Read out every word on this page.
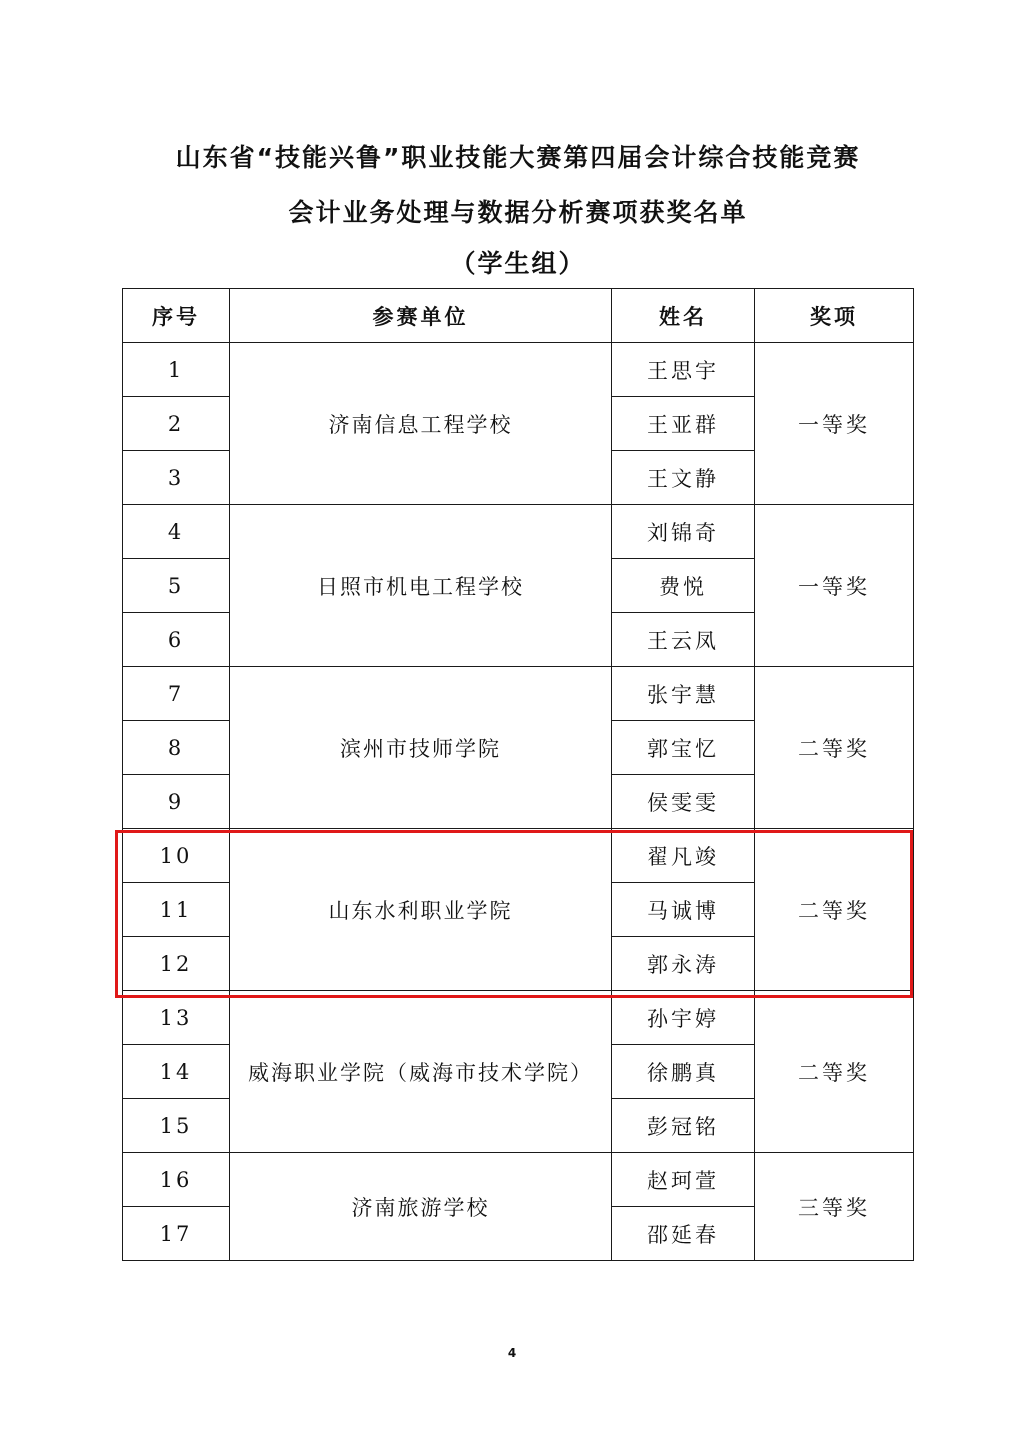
山东省“技能兴鲁”职业技能大赛第四届会计综合技能竞赛
会计业务处理与数据分析赛项获奖名单
（学生组）
序号	参赛单位	姓名	奖项
1	济南信息工程学校	王思宇	一等奖
2		王亚群	
3		王文静	
4	日照市机电工程学校	刘锦奇	一等奖
5		费悦	
6		王云凤	
7	滨州市技师学院	张宇慧	二等奖
8		郭宝忆	
9		侯雯雯	
10	山东水利职业学院	翟凡竣	二等奖
11		马诚博	
12		郭永涛	
13	威海职业学院（威海市技术学院）	孙宇婷	二等奖
14		徐鹏真	
15		彭冠铭	
16	济南旅游学校	赵珂萱	三等奖
17		邵延春	
4
